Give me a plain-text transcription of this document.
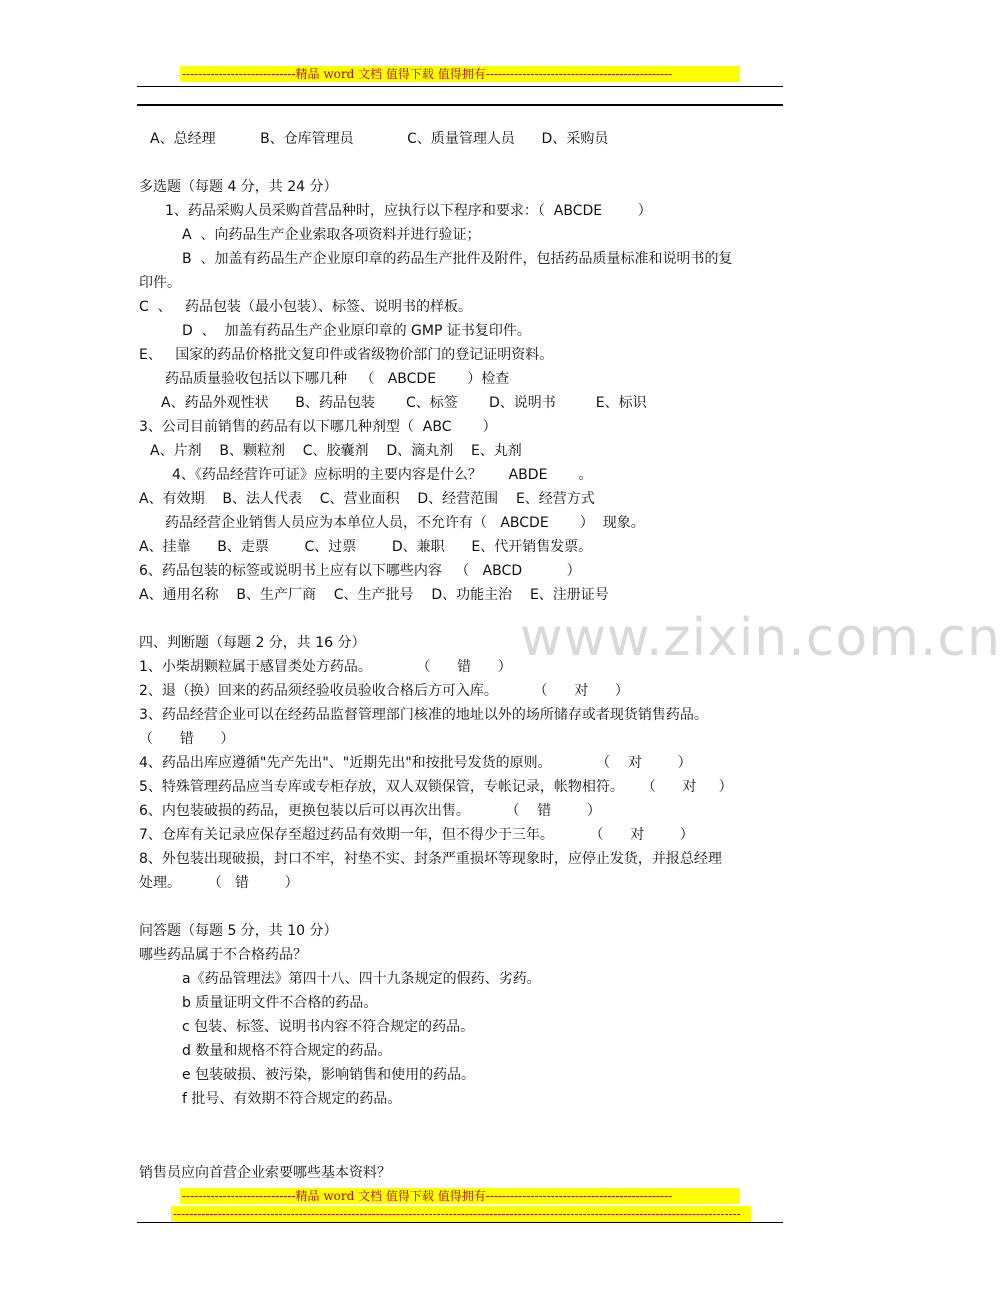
----------------------------精品 word 文档 值得下载 值得拥有----------------------------------------------
www.zixin.com.cn
A、总经理          B、仓库管理员            C、质量管理人员      D、采购员
多选题（每题 4 分，共 24 分）
1、药品采购人员采购首营品种时，应执行以下程序和要求：（  ABCDE        ）
A  、向药品生产企业索取各项资料并进行验证；
B  、加盖有药品生产企业原印章的药品生产批件及附件，包括药品质量标准和说明书的复
印件。
C  、   药品包装（最小包装）、标签、说明书的样板。
D  、  加盖有药品生产企业原印章的 GMP 证书复印件。
E、   国家的药品价格批文复印件或省级物价部门的登记证明资料。
药品质量验收包括以下哪几种   （   ABCDE       ）检查
A、药品外观性状      B、药品包装       C、标签       D、说明书         E、标识
3、公司目前销售的药品有以下哪几种剂型（  ABC       ）
A、片剂    B、颗粒剂    C、胶囊剂    D、滴丸剂    E、丸剂
4、《药品经营许可证》应标明的主要内容是什么？      ABDE       。
A、有效期    B、法人代表    C、营业面积    D、经营范围    E、经营方式
药品经营企业销售人员应为本单位人员，不允许有（   ABCDE       ）  现象。
A、挂靠      B、走票        C、过票        D、兼职      E、代开销售发票。
6、药品包装的标签或说明书上应有以下哪些内容   （   ABCD          ）
A、通用名称    B、生产厂商    C、生产批号    D、功能主治    E、注册证号
四、判断题（每题 2 分，共 16 分）
1、小柴胡颗粒属于感冒类处方药品。          （      错      ）
2、退（换）回来的药品须经验收员验收合格后方可入库。        （      对      ）
3、药品经营企业可以在经药品监督管理部门核准的地址以外的场所储存或者现货销售药品。
（      错      ）
4、药品出库应遵循"先产先出"、"近期先出"和按批号发货的原则。          （    对        ）
5、特殊管理药品应当专库或专柜存放，双人双锁保管，专帐记录，帐物相符。    （      对     ）
6、内包装破损的药品，更换包装以后可以再次出售。        （    错        ）
7、仓库有关记录应保存至超过药品有效期一年，但不得少于三年。        （      对        ）
8、外包装出现破损，封口不牢，衬垫不实、封条严重损坏等现象时，应停止发货，并报总经理
处理。      （   错        ）
问答题（每题 5 分，共 10 分）
哪些药品属于不合格药品？
a《药品管理法》第四十八、四十九条规定的假药、劣药。
b 质量证明文件不合格的药品。
c 包装、标签、说明书内容不符合规定的药品。
d 数量和规格不符合规定的药品。
e 包装破损、被污染，影响销售和使用的药品。
f 批号、有效期不符合规定的药品。
销售员应向首营企业索要哪些基本资料？
----------------------------精品 word 文档 值得下载 值得拥有----------------------------------------------
--------------------------------------------------------------------------------------------------------------------------------------------
